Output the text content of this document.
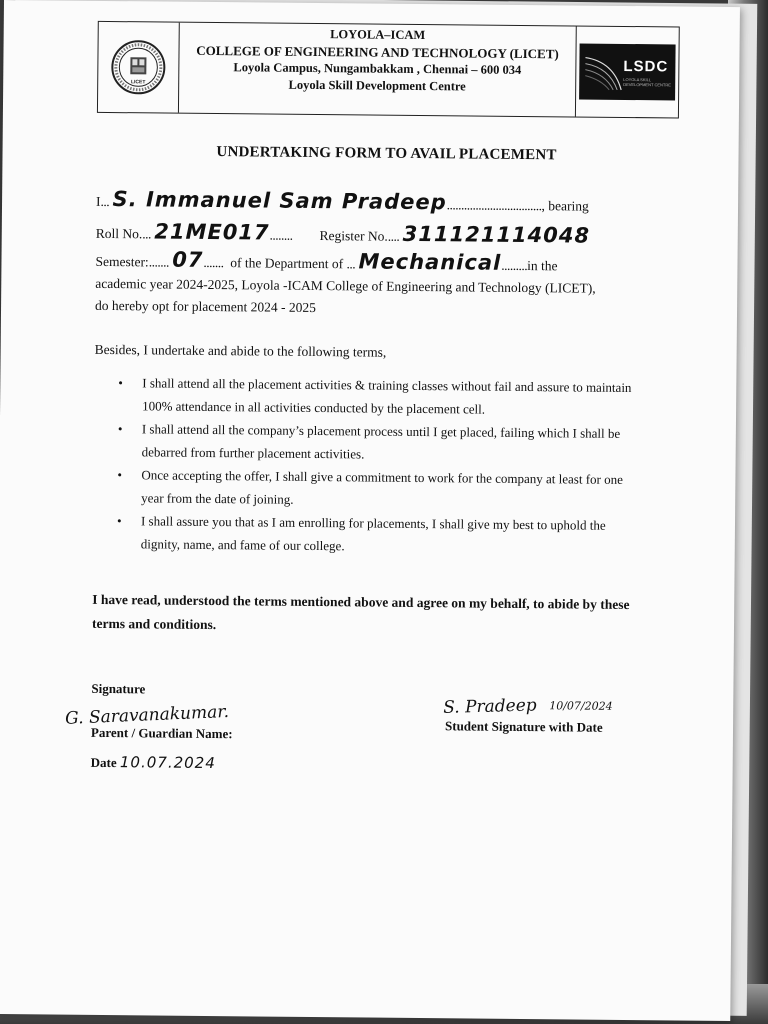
LICET
LOYOLA–ICAM
COLLEGE OF ENGINEERING AND TECHNOLOGY (LICET)
Loyola Campus, Nungambakkam , Chennai – 600 034
Loyola Skill Development Centre
LSDC
LOYOLA SKILL DEVELOPMENT CENTRE
UNDERTAKING FORM TO AVAIL PLACEMENT
I... S. Immanuel Sam Pradeep................................., bearing
Roll No.... 21ME017........ Register No..... 311121114048
Semester:....... 07....... of the Department of ... Mechanical.........in the
academic year 2024-2025, Loyola -ICAM College of Engineering and Technology (LICET),
do hereby opt for placement 2024 - 2025
Besides, I undertake and abide to the following terms,
• I shall attend all the placement activities & training classes without fail and assure to maintain 100% attendance in all activities conducted by the placement cell.
• I shall attend all the company’s placement process until I get placed, failing which I shall be debarred from further placement activities.
• Once accepting the offer, I shall give a commitment to work for the company at least for one year from the date of joining.
• I shall assure you that as I am enrolling for placements, I shall give my best to uphold the dignity, name, and fame of our college.
I have read, understood the terms mentioned above and agree on my behalf, to abide by these terms and conditions.
Signature
G. Saravanakumar.
Parent / Guardian Name:
Date 10.07.2024
S. Pradeep 10/07/2024
Student Signature with Date
